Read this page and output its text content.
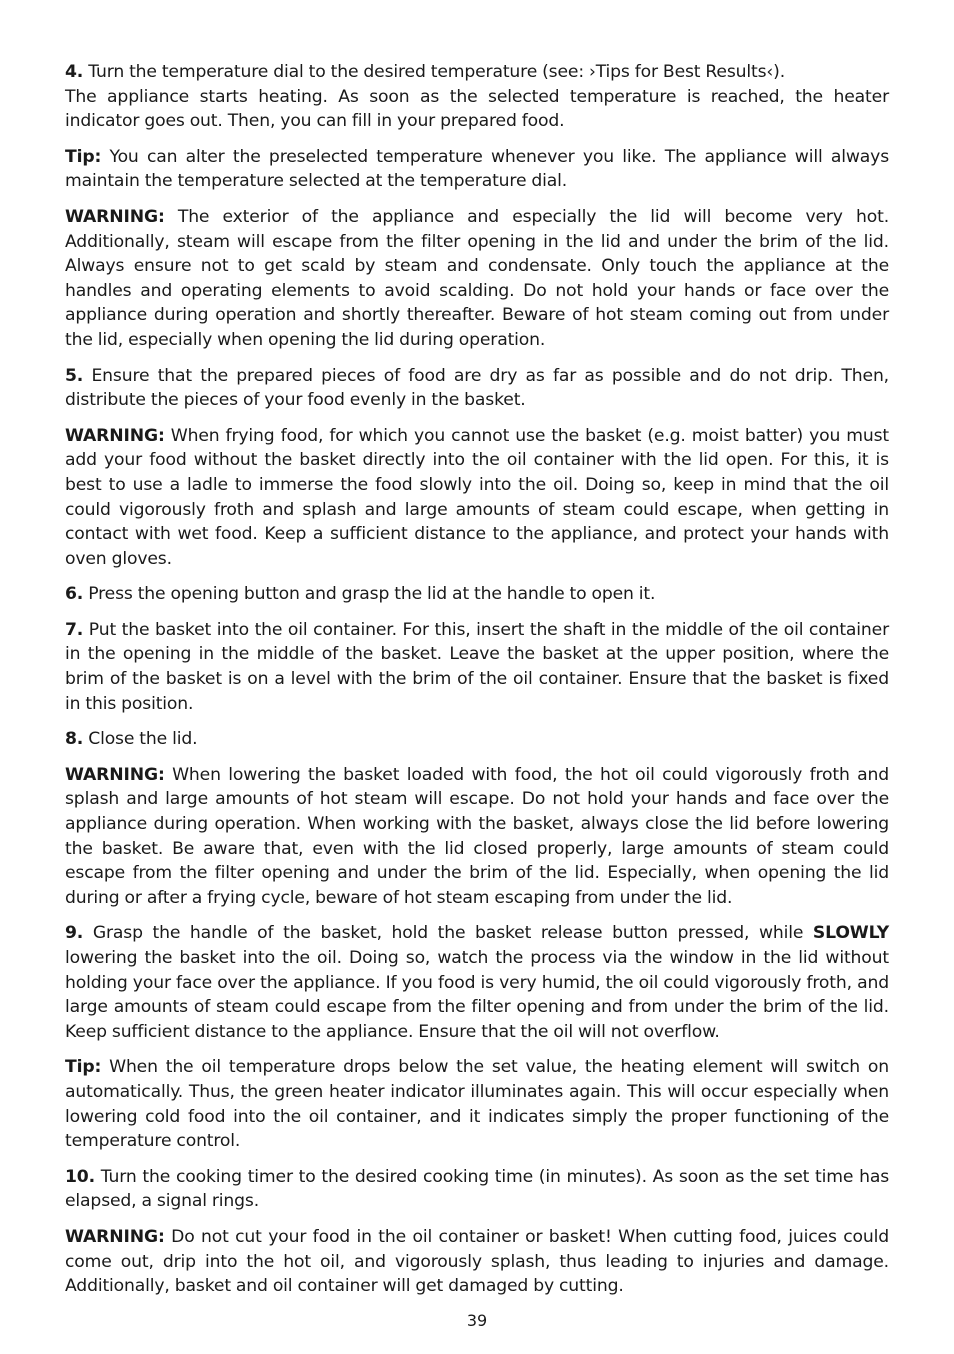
4. Turn the temperature dial to the desired temperature (see: ›Tips for Best Results‹).
The appliance starts heating. As soon as the selected temperature is reached, the heater indicator goes out. Then, you can fill in your prepared food.

Tip: You can alter the preselected temperature whenever you like. The appliance will always maintain the temperature selected at the temperature dial.

WARNING: The exterior of the appliance and especially the lid will become very hot. Additionally, steam will escape from the filter opening in the lid and under the brim of the lid. Always ensure not to get scald by steam and condensate. Only touch the appliance at the handles and operating elements to avoid scalding. Do not hold your hands or face over the appliance during operation and shortly thereafter. Beware of hot steam coming out from under the lid, especially when opening the lid during operation.

5. Ensure that the prepared pieces of food are dry as far as possible and do not drip. Then, distribute the pieces of your food evenly in the basket.

WARNING: When frying food, for which you cannot use the basket (e.g. moist batter) you must add your food without the basket directly into the oil container with the lid open. For this, it is best to use a ladle to immerse the food slowly into the oil. Doing so, keep in mind that the oil could vigorously froth and splash and large amounts of steam could escape, when getting in contact with wet food. Keep a sufficient distance to the appliance, and protect your hands with oven gloves.

6. Press the opening button and grasp the lid at the handle to open it.

7. Put the basket into the oil container. For this, insert the shaft in the middle of the oil container in the opening in the middle of the basket. Leave the basket at the upper position, where the brim of the basket is on a level with the brim of the oil container. Ensure that the basket is fixed in this position.

8. Close the lid.

WARNING: When lowering the basket loaded with food, the hot oil could vigorously froth and splash and large amounts of hot steam will escape. Do not hold your hands and face over the appliance during operation. When working with the basket, always close the lid before lowering the basket. Be aware that, even with the lid closed properly, large amounts of steam could escape from the filter opening and under the brim of the lid. Especially, when opening the lid during or after a frying cycle, beware of hot steam escaping from under the lid.

9. Grasp the handle of the basket, hold the basket release button pressed, while SLOWLY lowering the basket into the oil. Doing so, watch the process via the window in the lid without holding your face over the appliance. If you food is very humid, the oil could vigorously froth, and large amounts of steam could escape from the filter opening and from under the brim of the lid. Keep sufficient distance to the appliance. Ensure that the oil will not overflow.

Tip: When the oil temperature drops below the set value, the heating element will switch on automatically. Thus, the green heater indicator illuminates again. This will occur especially when lowering cold food into the oil container, and it indicates simply the proper functioning of the temperature control.

10. Turn the cooking timer to the desired cooking time (in minutes). As soon as the set time has elapsed, a signal rings.

WARNING: Do not cut your food in the oil container or basket! When cutting food, juices could come out, drip into the hot oil, and vigorously splash, thus leading to injuries and damage. Additionally, basket and oil container will get damaged by cutting.

39
